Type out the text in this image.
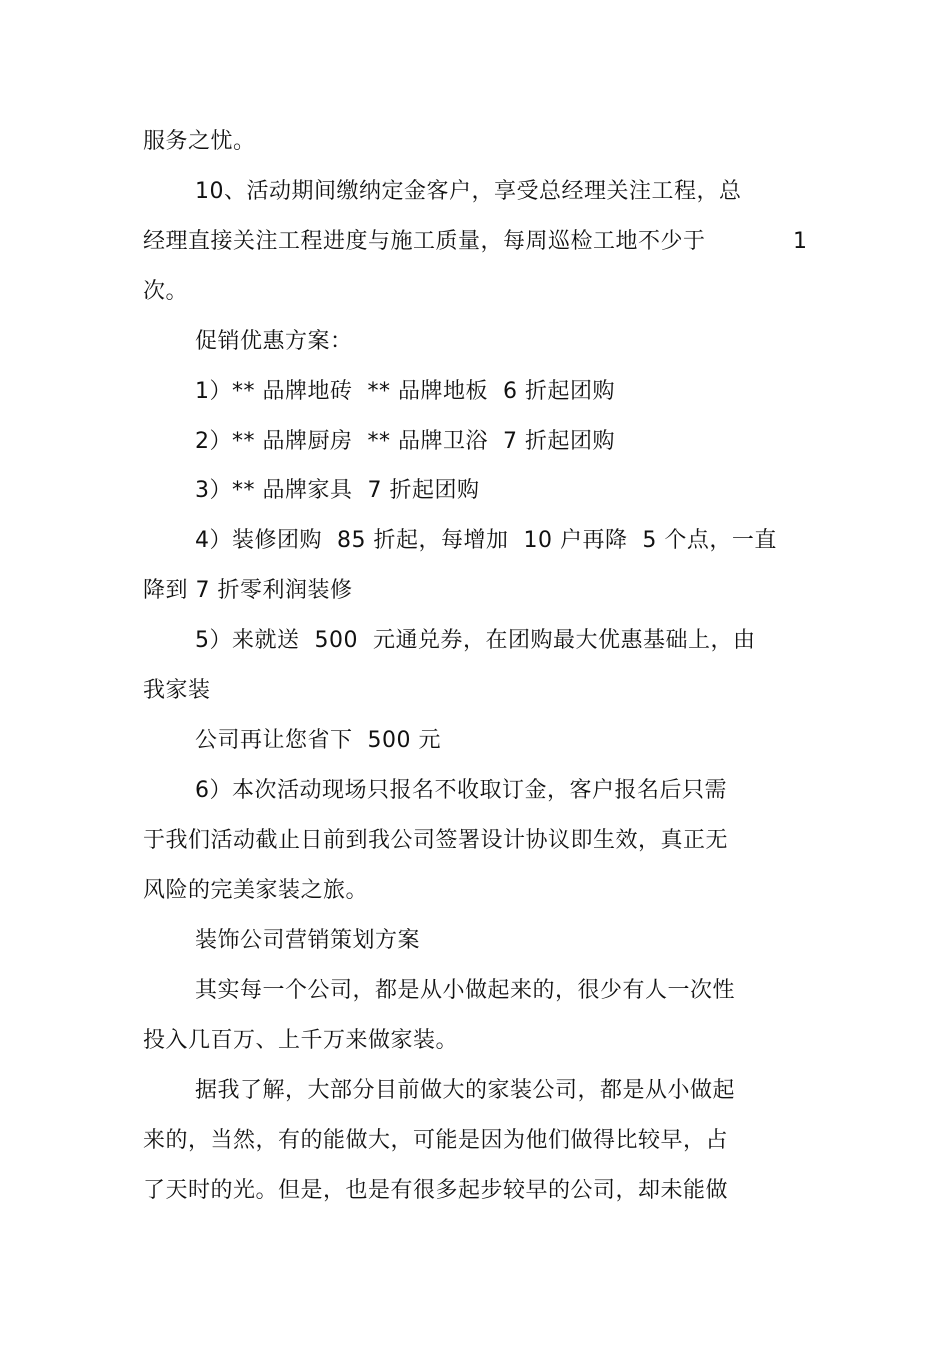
服务之忧。
10、活动期间缴纳定金客户，享受总经理关注工程，总
经理直接关注工程进度与施工质量，每周巡检工地不少于	1
次。
促销优惠方案：
1）** 品牌地砖  ** 品牌地板  6 折起团购
2）** 品牌厨房  ** 品牌卫浴  7 折起团购
3）** 品牌家具  7 折起团购
4）装修团购  85 折起，每增加  10 户再降  5 个点，一直
降到 7 折零利润装修
5）来就送  500  元通兑券，在团购最大优惠基础上，由
我家装
公司再让您省下  500 元
6）本次活动现场只报名不收取订金，客户报名后只需
于我们活动截止日前到我公司签署设计协议即生效，真正无
风险的完美家装之旅。
装饰公司营销策划方案
其实每一个公司，都是从小做起来的，很少有人一次性
投入几百万、上千万来做家装。
据我了解，大部分目前做大的家装公司，都是从小做起
来的，当然，有的能做大，可能是因为他们做得比较早，占
了天时的光。但是，也是有很多起步较早的公司，却未能做
